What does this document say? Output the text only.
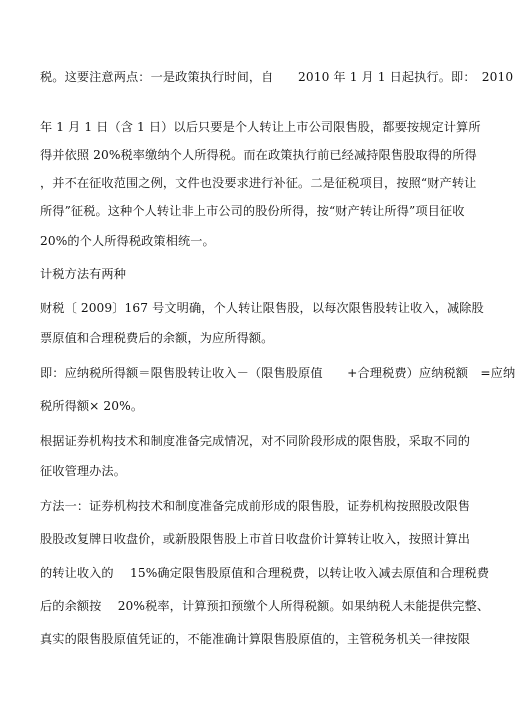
税。这要注意两点：一是政策执行时间，自　　2010 年 1 月 1 日起执行。即：　2010
年 1 月 1 日（含 1 日）以后只要是个人转让上市公司限售股，都要按规定计算所
得并依照 20%税率缴纳个人所得税。而在政策执行前已经减持限售股取得的所得
，并不在征收范围之例，文件也没要求进行补征。二是征税项目，按照“财产转让
所得”征税。这种个人转让非上市公司的股份所得，按“财产转让所得”项目征收
20%的个人所得税政策相统一。
计税方法有两种
财税〔 2009〕167 号文明确，个人转让限售股，以每次限售股转让收入，减除股
票原值和合理税费后的余额，为应所得额。
即：应纳税所得额＝限售股转让收入－（限售股原值　　+合理税费）应纳税额　=应纳
税所得额× 20%。
根据证券机构技术和制度准备完成情况，对不同阶段形成的限售股，采取不同的
征收管理办法。
方法一：证券机构技术和制度准备完成前形成的限售股，证券机构按照股改限售
股股改复牌日收盘价，或新股限售股上市首日收盘价计算转让收入，按照计算出
的转让收入的　 15%确定限售股原值和合理税费，以转让收入减去原值和合理税费
后的余额按　 20%税率，计算预扣预缴个人所得税额。如果纳税人未能提供完整、
真实的限售股原值凭证的，不能准确计算限售股原值的，主管税务机关一律按限
